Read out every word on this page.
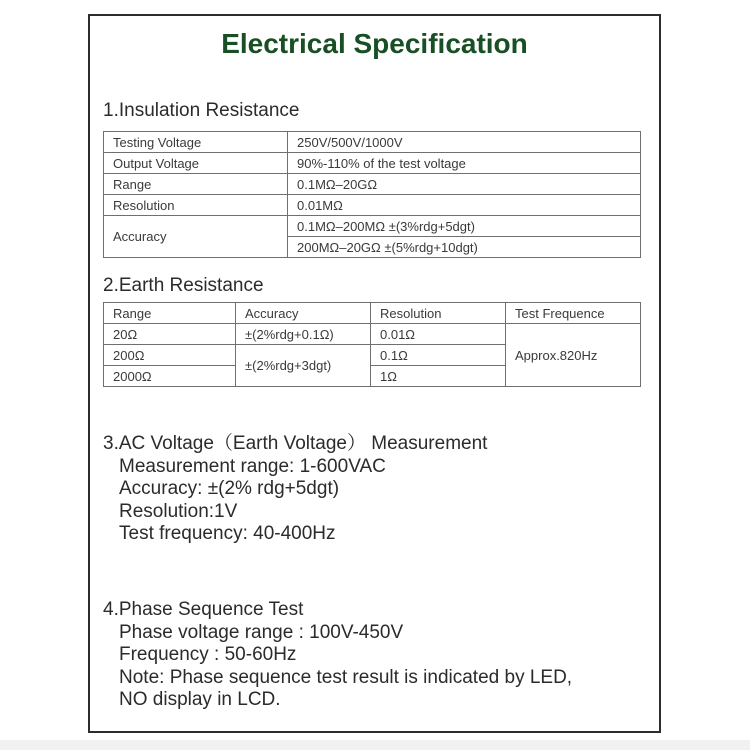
Electrical Specification
1.Insulation Resistance
Testing Voltage	250V/500V/1000V
Output Voltage	90%-110% of the test voltage
Range	0.1MΩ–20GΩ
Resolution	0.01MΩ
Accuracy	0.1MΩ–200MΩ ±(3%rdg+5dgt)
	200MΩ–20GΩ ±(5%rdg+10dgt)
2.Earth Resistance
Range	Accuracy	Resolution	Test Frequence
20Ω	±(2%rdg+0.1Ω)	0.01Ω	Approx.820Hz
200Ω	±(2%rdg+3dgt)	0.1Ω	
2000Ω		1Ω	
3.AC Voltage（Earth Voltage） Measurement
Measurement range: 1-600VAC
Accuracy: ±(2% rdg+5dgt)
Resolution:1V
Test frequency: 40-400Hz
4.Phase Sequence Test
Phase voltage range : 100V-450V
Frequency : 50-60Hz
Note: Phase sequence test result is indicated by LED,
NO display in LCD.
